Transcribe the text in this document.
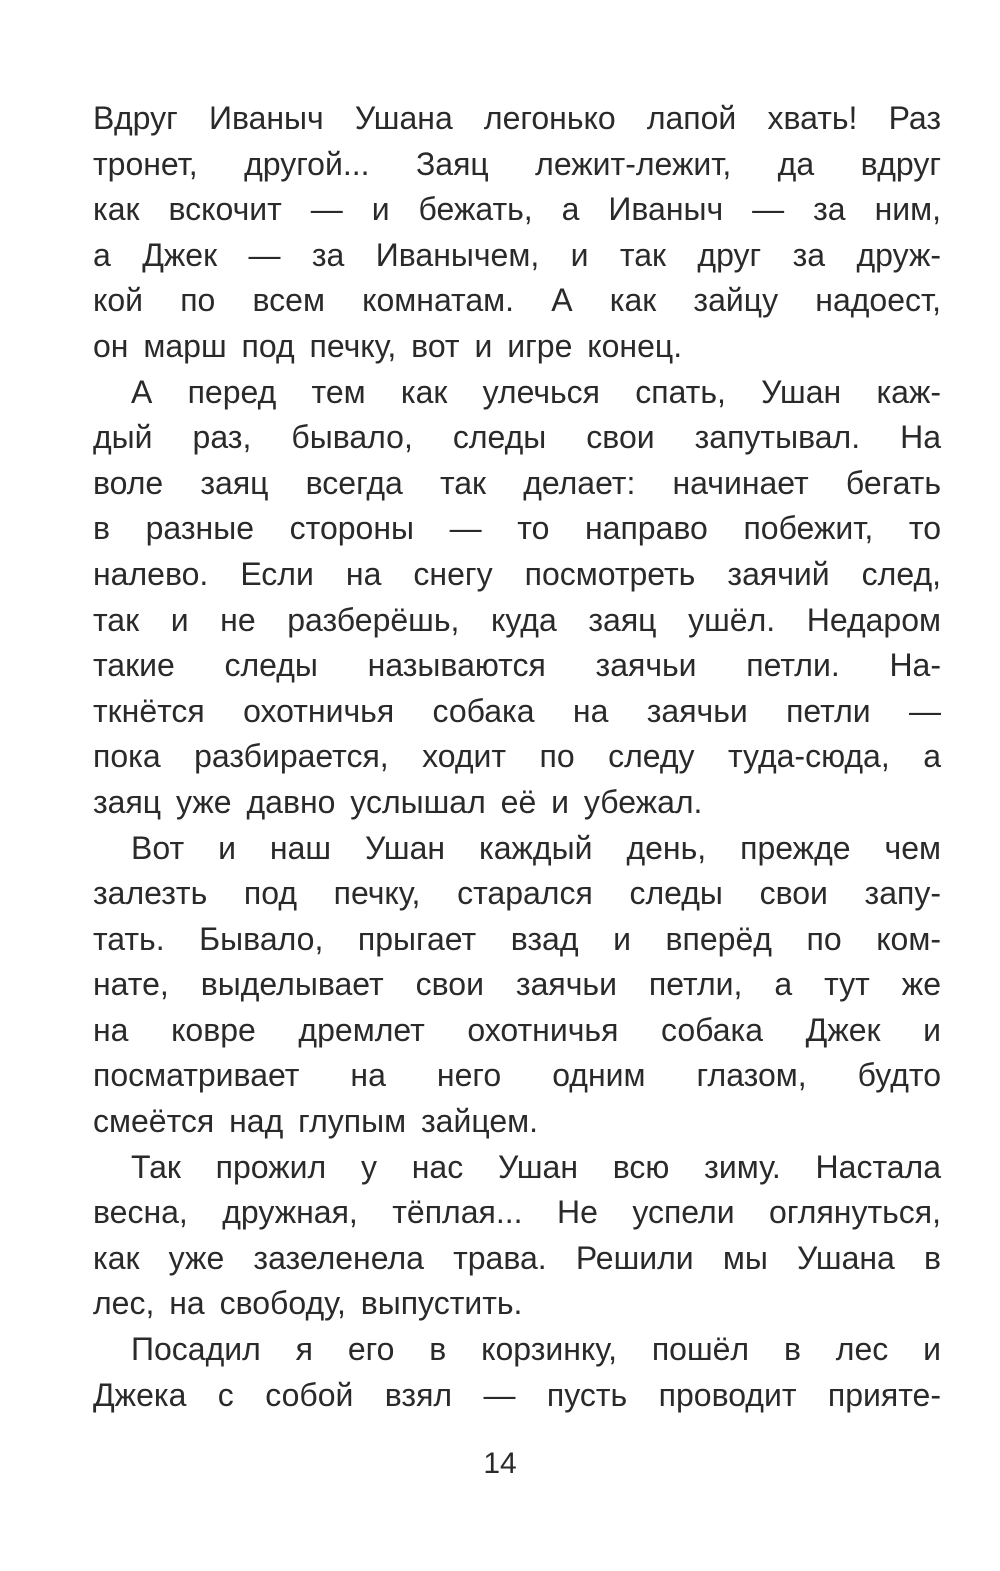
Вдруг Иваныч Ушана легонько лапой хвать! Раз
тронет, другой... Заяц лежит-лежит, да вдруг
как вскочит — и бежать, а Иваныч — за ним,
а Джек — за Иванычем, и так друг за друж-
кой по всем комнатам. А как зайцу надоест,
он марш под печку, вот и игре конец.
А перед тем как улечься спать, Ушан каж-
дый раз, бывало, следы свои запутывал. На
воле заяц всегда так делает: начинает бегать
в разные стороны — то направо побежит, то
налево. Если на снегу посмотреть заячий след,
так и не разберёшь, куда заяц ушёл. Недаром
такие следы называются заячьи петли. На-
ткнётся охотничья собака на заячьи петли —
пока разбирается, ходит по следу туда-сюда, а
заяц уже давно услышал её и убежал.
Вот и наш Ушан каждый день, прежде чем
залезть под печку, старался следы свои запу-
тать. Бывало, прыгает взад и вперёд по ком-
нате, выделывает свои заячьи петли, а тут же
на ковре дремлет охотничья собака Джек и
посматривает на него одним глазом, будто
смеётся над глупым зайцем.
Так прожил у нас Ушан всю зиму. Настала
весна, дружная, тёплая... Не успели оглянуться,
как уже зазеленела трава. Решили мы Ушана в
лес, на свободу, выпустить.
Посадил я его в корзинку, пошёл в лес и
Джека с собой взял — пусть проводит прияте-
14
